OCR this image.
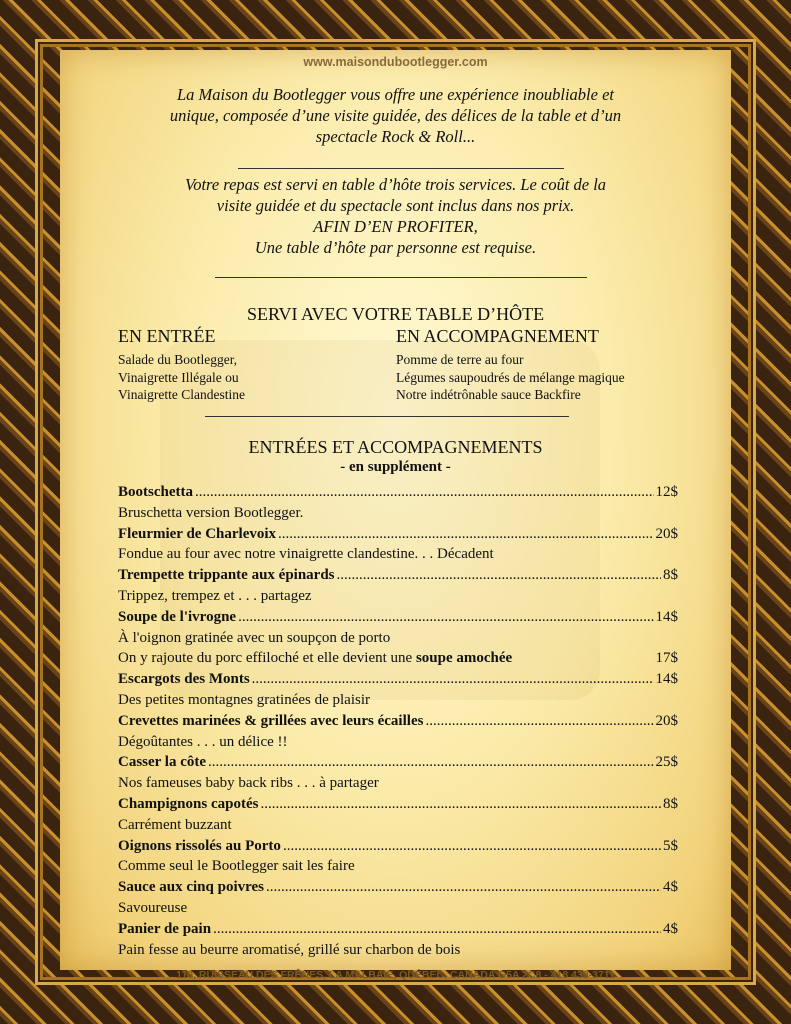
www.maisondubootlegger.com
La Maison du Bootlegger vous offre une expérience inoubliable et
unique, composée d’une visite guidée, des délices de la table et d’un
spectacle Rock & Roll...
Votre repas est servi en table d’hôte trois services. Le coût de la
visite guidée et du spectacle sont inclus dans nos prix.
AFIN D’EN PROFITER,
Une table d’hôte par personne est requise.
SERVI AVEC VOTRE TABLE D’HÔTE
EN ENTRÉE	EN ACCOMPAGNEMENT
Salade du Bootlegger,
Vinaigrette Illégale ou
Vinaigrette Clandestine
Pomme de terre au four
Légumes saupoudrés de mélange magique
Notre indétrônable sauce Backfire
ENTRÉES ET ACCOMPAGNEMENTS
- en supplément -
Bootschetta .....	12$
Bruschetta version Bootlegger.
Fleurmier de Charlevoix .....	20$
Fondue au four avec notre vinaigrette clandestine. . . Décadent
Trempette trippante aux épinards .....	8$
Trippez, trempez et . . . partagez
Soupe de l'ivrogne .....	14$
À l'oignon gratinée avec un soupçon de porto
On y rajoute du porc effiloché et elle devient une
soupe amochée	17$
Escargots des Monts .....	14$
Des petites montagnes gratinées de plaisir
Crevettes marinées & grillées avec leurs écailles .....	20$
Dégoûtantes . . . un délice !!
Casser la côte .....	25$
Nos fameuses baby back ribs . . . à partager
Champignons capotés .....	8$
Carrément buzzant
Oignons rissolés au Porto .....	5$
Comme seul le Bootlegger sait les faire
Sauce aux cinq poivres .....	4$
Savoureuse
Panier de pain .....	4$
Pain fesse au beurre aromatisé, grillé sur charbon de bois
110, RUISSEAU DES FRÊNES, LA MALBAIE, QUÉBEC, CANADA G5A 2C8 - 418 439-3711
